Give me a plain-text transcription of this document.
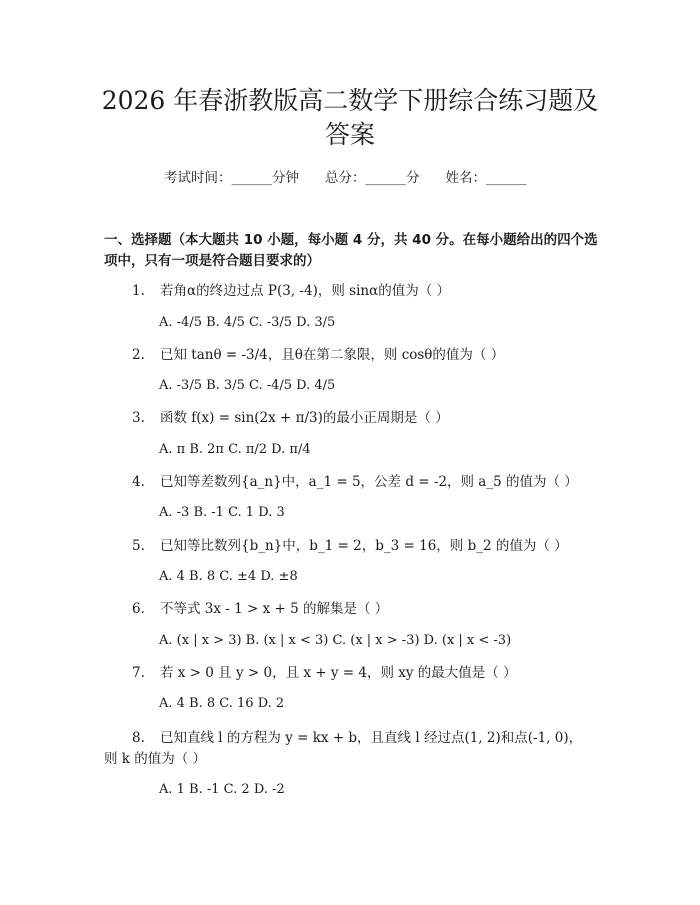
2026 年春浙教版高二数学下册综合练习题及
答案
考试时间：______分钟 总分：______分 姓名：______
一、选择题（本大题共 10 小题，每小题 4 分，共 40 分。在每小题给出的四个选
项中，只有一项是符合题目要求的）
1. 若角α的终边过点 P(3, -4)，则 sinα的值为（ ）
A. -4/5 B. 4/5 C. -3/5 D. 3/5
2. 已知 tanθ = -3/4，且θ在第二象限，则 cosθ的值为（ ）
A. -3/5 B. 3/5 C. -4/5 D. 4/5
3. 函数 f(x) = sin(2x + π/3)的最小正周期是（ ）
A. π B. 2π C. π/2 D. π/4
4. 已知等差数列{a_n}中，a_1 = 5，公差 d = -2，则 a_5 的值为（ ）
A. -3 B. -1 C. 1 D. 3
5. 已知等比数列{b_n}中，b_1 = 2，b_3 = 16，则 b_2 的值为（ ）
A. 4 B. 8 C. ±4 D. ±8
6. 不等式 3x - 1 > x + 5 的解集是（ ）
A. (x | x > 3) B. (x | x < 3) C. (x | x > -3) D. (x | x < -3)
7. 若 x > 0 且 y > 0，且 x + y = 4，则 xy 的最大值是（ ）
A. 4 B. 8 C. 16 D. 2
8. 已知直线 l 的方程为 y = kx + b，且直线 l 经过点(1, 2)和点(-1, 0)，
则 k 的值为（ ）
A. 1 B. -1 C. 2 D. -2
